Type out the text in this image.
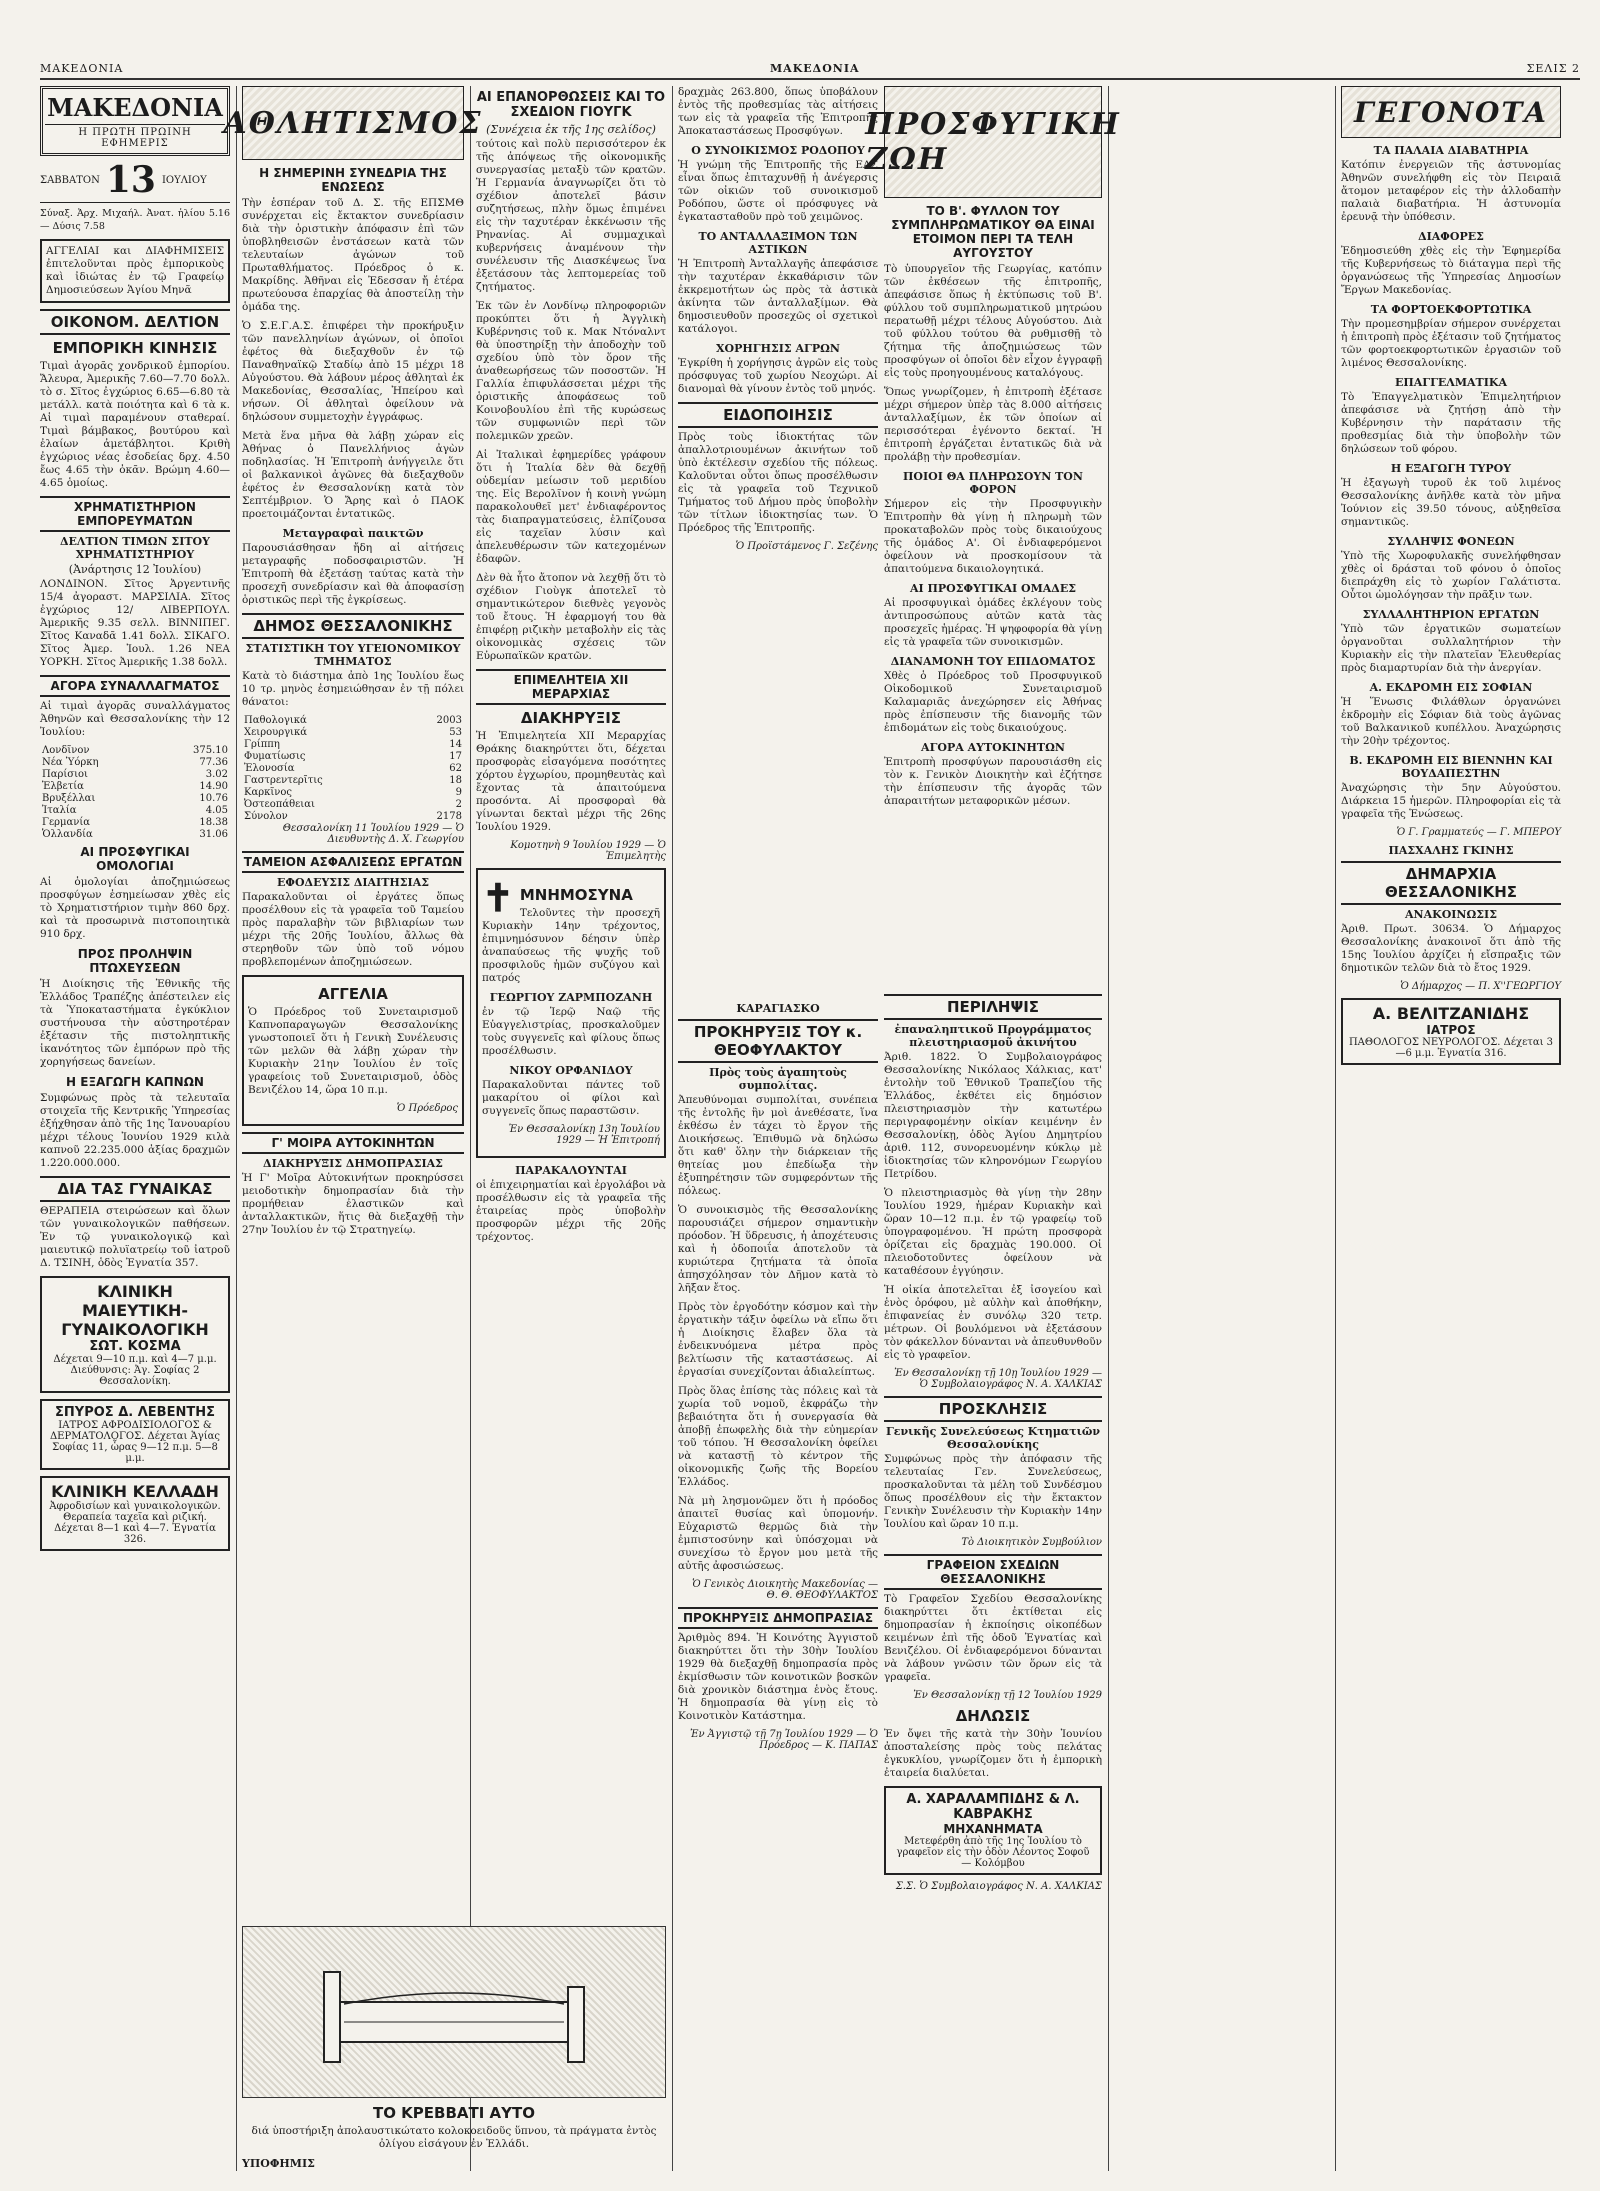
ΜΑΚΕΔΟΝΙΑ	ΜΑΚΕΔΟΝΙΑ	ΣΕΛΙΣ 2
ΜΑΚΕΔΟΝΙΑ
Η ΠΡΩΤΗ ΠΡΩΙΝΗ ΕΦΗΜΕΡΙΣ
ΣΑΒΒΑΤΟΝ 13 ΙΟΥΛΙΟΥ

Σύναξ. Ἀρχ. Μιχαήλ. Ἀνατ. ἡλίου 5.16 — Δύσις 7.58

ΑΓΓΕΛΙΑΙ και ΔΙΑΦΗΜΙΣΕΙΣ ἐπιτελοῦνται πρὸς ἐμπορικοὺς καὶ ἰδιώτας ἐν τῷ Γραφείῳ Δημοσιεύσεων Ἁγίου Μηνᾶ
ΟΙΚΟΝΟΜ. ΔΕΛΤΙΟΝ
ΕΜΠΟΡΙΚΗ ΚΙΝΗΣΙΣ

Τιμαὶ ἀγορᾶς χονδρικοῦ ἐμπορίου. Ἄλευρα, Ἀμερικῆς 7.60—7.70 δολλ. τὸ σ. Σῖτος ἐγχώριος 6.65—6.80 τὰ μετάλλ. κατὰ ποιότητα καὶ 6 τὰ κ. Αἱ τιμαὶ παραμένουν σταθεραί. Τιμαὶ βάμβακος, βουτύρου καὶ ἐλαίων ἀμετάβλητοι. Κριθὴ ἐγχώριος νέας ἐσοδείας δρχ. 4.50 ἔως 4.65 τὴν ὀκᾶν. Βρώμη 4.60—4.65 ὁμοίως.

ΧΡΗΜΑΤΙΣΤΗΡΙΟΝ ΕΜΠΟΡΕΥΜΑΤΩΝ
ΔΕΛΤΙΟΝ ΤΙΜΩΝ ΣΙΤΟΥ ΧΡΗΜΑΤΙΣΤΗΡΙΟΥ
(Ἀνάρτησις 12 Ἰουλίου)

ΛΟΝΔΙΝΟΝ. Σῖτος Ἀργεντινῆς 15/4 ἀγοραστ. ΜΑΡΣΙΛΙΑ. Σῖτος ἐγχώριος 12/ ΛΙΒΕΡΠΟΥΛ. Ἀμερικῆς 9.35 σελλ. ΒΙΝΝΙΠΕΓ. Σῖτος Καναδᾶ 1.41 δολλ. ΣΙΚΑΓΟ. Σῖτος Ἀμερ. Ἰουλ. 1.26 ΝΕΑ ΥΟΡΚΗ. Σῖτος Ἀμερικῆς 1.38 δολλ.

ΑΓΟΡΑ ΣΥΝΑΛΛΑΓΜΑΤΟΣ

Αἱ τιμαὶ ἀγορᾶς συναλλάγματος Ἀθηνῶν καὶ Θεσσαλονίκης τὴν 12 Ἰουλίου:

Λονδῖνον	375.10
Νέα Ὑόρκη	77.36
Παρίσιοι	3.02
Ἑλβετία	14.90
Βρυξέλλαι	10.76
Ἰταλία	4.05
Γερμανία	18.38
Ὁλλανδία	31.06
ΑΙ ΠΡΟΣΦΥΓΙΚΑΙ ΟΜΟΛΟΓΙΑΙ

Αἱ ὁμολογίαι ἀποζημιώσεως προσφύγων ἐσημείωσαν χθὲς εἰς τὸ Χρηματιστήριον τιμὴν 860 δρχ. καὶ τὰ προσωρινὰ πιστοποιητικὰ 910 δρχ.

ΠΡΟΣ ΠΡΟΛΗΨΙΝ ΠΤΩΧΕΥΣΕΩΝ

Ἡ Διοίκησις τῆς Ἐθνικῆς τῆς Ἑλλάδος Τραπέζης ἀπέστειλεν εἰς τὰ Ὑποκαταστήματα ἐγκύκλιον συστήνουσα τὴν αὐστηροτέραν ἐξέτασιν τῆς πιστοληπτικῆς ἱκανότητος τῶν ἐμπόρων πρὸ τῆς χορηγήσεως δανείων.

Η ΕΞΑΓΩΓΗ ΚΑΠΝΩΝ

Συμφώνως πρὸς τὰ τελευταῖα στοιχεῖα τῆς Κεντρικῆς Ὑπηρεσίας ἐξήχθησαν ἀπὸ τῆς 1ης Ἰανουαρίου μέχρι τέλους Ἰουνίου 1929 κιλὰ καπνοῦ 22.235.000 ἀξίας δραχμῶν 1.220.000.000.

ΔΙΑ ΤΑΣ ΓΥΝΑΙΚΑΣ

ΘΕΡΑΠΕΙΑ στειρώσεων καὶ ὅλων τῶν γυναικολογικῶν παθήσεων. Ἐν τῷ γυναικολογικῷ καὶ μαιευτικῷ πολυϊατρείῳ τοῦ ἰατροῦ Δ. ΤΣΙΝΗ, ὁδὸς Ἐγνατία 357.

ΚΛΙΝΙΚΗ ΜΑΙΕΥΤΙΚΗ-ΓΥΝΑΙΚΟΛΟΓΙΚΗ
ΣΩΤ. ΚΟΣΜΑ
Δέχεται 9—10 π.μ. καὶ 4—7 μ.μ. Διεύθυνσις: Ἀγ. Σοφίας 2 Θεσσαλονίκη.
ΣΠΥΡΟΣ Δ. ΛΕΒΕΝΤΗΣ
ΙΑΤΡΟΣ ΑΦΡΟΔΙΣΙΟΛΟΓΟΣ & ΔΕΡΜΑΤΟΛΟΓΟΣ. Δέχεται Ἁγίας Σοφίας 11, ὧρας 9—12 π.μ. 5—8 μ.μ.
ΚΛΙΝΙΚΗ ΚΕΛΛΑΔΗ
Ἀφροδισίων καὶ γυναικολογικῶν. Θεραπεία ταχεῖα καὶ ριζική. Δέχεται 8—1 καὶ 4—7. Ἐγνατία 326.
ΑΘΛΗΤΙΣΜΟΣ
Η ΣΗΜΕΡΙΝΗ ΣΥΝΕΔΡΙΑ ΤΗΣ ΕΝΩΣΕΩΣ

Τὴν ἑσπέραν τοῦ Δ. Σ. τῆς ΕΠΣΜΘ συνέρχεται εἰς ἔκτακτον συνεδρίασιν διὰ τὴν ὁριστικὴν ἀπόφασιν ἐπὶ τῶν ὑποβληθεισῶν ἐνστάσεων κατὰ τῶν τελευταίων ἀγώνων τοῦ Πρωταθλήματος. Πρόεδρος ὁ κ. Μακρίδης. Ἀθῆναι εἰς Ἐδεσσαν ἤ ἑτέρα πρωτεύουσα ἐπαρχίας θὰ ἀποστείλῃ τὴν ὁμάδα της.

Ὁ Σ.Ε.Γ.Α.Σ. ἐπιφέρει τὴν προκήρυξιν τῶν πανελληνίων ἀγώνων, οἱ ὁποῖοι ἐφέτος θὰ διεξαχθοῦν ἐν τῷ Παναθηναϊκῷ Σταδίῳ ἀπὸ 15 μέχρι 18 Αὐγούστου. Θὰ λάβουν μέρος ἀθληταὶ ἐκ Μακεδονίας, Θεσσαλίας, Ἠπείρου καὶ νήσων. Οἱ ἀθληταὶ ὀφείλουν νὰ δηλώσουν συμμετοχὴν ἐγγράφως.

Μετὰ ἕνα μῆνα θὰ λάβῃ χώραν εἰς Ἀθήνας ὁ Πανελλήνιος ἀγὼν ποδηλασίας. Ἡ Ἐπιτροπὴ ἀνήγγειλε ὅτι οἱ βαλκανικοὶ ἀγῶνες θὰ διεξαχθοῦν ἐφέτος ἐν Θεσσαλονίκῃ κατὰ τὸν Σεπτέμβριον. Ὁ Ἄρης καὶ ὁ ΠΑΟΚ προετοιμάζονται ἐντατικῶς.

Μεταγραφαὶ παικτῶν

Παρουσιάσθησαν ἤδη αἱ αἰτήσεις μεταγραφῆς ποδοσφαιριστῶν. Ἡ Ἐπιτροπὴ θὰ ἐξετάσῃ ταύτας κατὰ τὴν προσεχῆ συνεδρίασιν καὶ θὰ ἀποφασίσῃ ὁριστικῶς περὶ τῆς ἐγκρίσεως.

ΔΗΜΟΣ ΘΕΣΣΑΛΟΝΙΚΗΣ
ΣΤΑΤΙΣΤΙΚΗ ΤΟΥ ΥΓΕΙΟΝΟΜΙΚΟΥ ΤΜΗΜΑΤΟΣ

Κατὰ τὸ διάστημα ἀπὸ 1ης Ἰουλίου ἕως 10 τρ. μηνὸς ἐσημειώθησαν ἐν τῇ πόλει θάνατοι:

Παθολογικά	2003
Χειρουργικά	53
Γρίππη	14
Φυματίωσις	17
Ἐλονοσία	62
Γαστρεντερῖτις	18
Καρκῖνος	9
Ὀστεοπάθειαι	2
Σύνολον	2178

Θεσσαλονίκη 11 Ἰουλίου 1929 — Ὁ Διευθυντὴς Δ. Χ. Γεωργίου

ΤΑΜΕΙΟΝ ΑΣΦΑΛΙΣΕΩΣ ΕΡΓΑΤΩΝ
ΕΦΟΔΕΥΣΙΣ ΔΙΑΙΤΗΣΙΑΣ

Παρακαλοῦνται οἱ ἐργάτες ὅπως προσέλθουν εἰς τὰ γραφεῖα τοῦ Ταμείου πρὸς παραλαβὴν τῶν βιβλιαρίων των μέχρι τῆς 20ῆς Ἰουλίου, ἄλλως θὰ στερηθοῦν τῶν ὑπὸ τοῦ νόμου προβλεπομένων ἀποζημιώσεων.

ΑΓΓΕΛΙΑ

Ὁ Πρόεδρος τοῦ Συνεταιρισμοῦ Καπνοπαραγωγῶν Θεσσαλονίκης γνωστοποιεῖ ὅτι ἡ Γενικὴ Συνέλευσις τῶν μελῶν θὰ λάβῃ χώραν τὴν Κυριακὴν 21ην Ἰουλίου ἐν τοῖς γραφείοις τοῦ Συνεταιρισμοῦ, ὁδὸς Βενιζέλου 14, ὥρα 10 π.μ.

Ὁ Πρόεδρος

Γ' ΜΟΙΡΑ ΑΥΤΟΚΙΝΗΤΩΝ
ΔΙΑΚΗΡΥΞΙΣ ΔΗΜΟΠΡΑΣΙΑΣ

Ἡ Γ' Μοῖρα Αὐτοκινήτων προκηρύσσει μειοδοτικὴν δημοπρασίαν διὰ τὴν προμήθειαν ἐλαστικῶν καὶ ἀνταλλακτικῶν, ἥτις θὰ διεξαχθῇ τὴν 27ην Ἰουλίου ἐν τῷ Στρατηγείῳ.

ΑΙ ΕΠΑΝΟΡΘΩΣΕΙΣ ΚΑΙ ΤΟ ΣΧΕΔΙΟΝ ΓΙΟΥΓΚ
(Συνέχεια ἐκ τῆς 1ης σελίδος)

τούτοις καὶ πολὺ περισσότερον ἐκ τῆς ἀπόψεως τῆς οἰκονομικῆς συνεργασίας μεταξὺ τῶν κρατῶν. Ἡ Γερμανία ἀναγνωρίζει ὅτι τὸ σχέδιον ἀποτελεῖ βάσιν συζητήσεως, πλὴν ὅμως ἐπιμένει εἰς τὴν ταχυτέραν ἐκκένωσιν τῆς Ρηνανίας. Αἱ συμμαχικαὶ κυβερνήσεις ἀναμένουν τὴν συνέλευσιν τῆς Διασκέψεως ἵνα ἐξετάσουν τὰς λεπτομερείας τοῦ ζητήματος.

Ἐκ τῶν ἐν Λονδίνῳ πληροφοριῶν προκύπτει ὅτι ἡ Ἀγγλικὴ Κυβέρνησις τοῦ κ. Μακ Ντόναλντ θὰ ὑποστηρίξῃ τὴν ἀποδοχὴν τοῦ σχεδίου ὑπὸ τὸν ὅρον τῆς ἀναθεωρήσεως τῶν ποσοστῶν. Ἡ Γαλλία ἐπιφυλάσσεται μέχρι τῆς ὁριστικῆς ἀποφάσεως τοῦ Κοινοβουλίου ἐπὶ τῆς κυρώσεως τῶν συμφωνιῶν περὶ τῶν πολεμικῶν χρεῶν.

Αἱ Ἰταλικαὶ ἐφημερίδες γράφουν ὅτι ἡ Ἰταλία δὲν θὰ δεχθῇ οὐδεμίαν μείωσιν τοῦ μεριδίου της. Εἰς Βερολῖνον ἡ κοινὴ γνώμη παρακολουθεῖ μετ' ἐνδιαφέροντος τὰς διαπραγματεύσεις, ἐλπίζουσα εἰς ταχεῖαν λύσιν καὶ ἀπελευθέρωσιν τῶν κατεχομένων ἐδαφῶν.

Δὲν θὰ ἦτο ἄτοπον νὰ λεχθῇ ὅτι τὸ σχέδιον Γιοὺγκ ἀποτελεῖ τὸ σημαντικώτερον διεθνὲς γεγονὸς τοῦ ἔτους. Ἡ ἐφαρμογή του θὰ ἐπιφέρῃ ριζικὴν μεταβολὴν εἰς τὰς οἰκονομικὰς σχέσεις τῶν Εὐρωπαϊκῶν κρατῶν.

ΕΠΙΜΕΛΗΤΕΙΑ ΧΙΙ ΜΕΡΑΡΧΙΑΣ
ΔΙΑΚΗΡΥΞΙΣ

Ἡ Ἐπιμελητεία ΧΙΙ Μεραρχίας Θράκης διακηρύττει ὅτι, δέχεται προσφορὰς εἰσαγόμενα ποσότητες χόρτου ἐγχωρίου, προμηθευτὰς καὶ ἔχοντας τὰ ἀπαιτούμενα προσόντα. Αἱ προσφοραὶ θὰ γίνωνται δεκταὶ μέχρι τῆς 26ης Ἰουλίου 1929.

Κομοτηνὴ 9 Ἰουλίου 1929 — Ὁ Ἐπιμελητὴς

✝ ΜΝΗΜΟΣΥΝΑ

Τελοῦντες τὴν προσεχῆ Κυριακὴν 14ην τρέχοντος, ἐπιμνημόσυνον δέησιν ὑπὲρ ἀναπαύσεως τῆς ψυχῆς τοῦ προσφιλοῦς ἡμῶν συζύγου καὶ πατρός

ΓΕΩΡΓΙΟΥ ΖΑΡΜΠΟΖΑΝΗ

ἐν τῷ Ἱερῷ Ναῷ τῆς Εὐαγγελιστρίας, προσκαλοῦμεν τοὺς συγγενεῖς καὶ φίλους ὅπως προσέλθωσιν.

ΝΙΚΟΥ ΟΡΦΑΝΙΔΟΥ

Παρακαλοῦνται πάντες τοῦ μακαρίτου οἱ φίλοι καὶ συγγενεῖς ὅπως παραστῶσιν.

Ἐν Θεσσαλονίκῃ 13η Ἰουλίου 1929 — Ἡ Ἐπιτροπή

ΠΑΡΑΚΑΛΟΥΝΤΑΙ

οἱ ἐπιχειρηματίαι καὶ ἐργολάβοι νὰ προσέλθωσιν εἰς τὰ γραφεῖα τῆς ἐταιρείας πρὸς ὑποβολὴν προσφορῶν μέχρι τῆς 20ῆς τρέχοντος.

ΤΟ ΚΡΕΒΒΑΤΙ ΑΥΤΟ

διά ὑποστήριξη ἀπολαυστικώτατο κολοκοειδοῦς ὕπνου, τὰ πράγματα ἐντὸς ὀλίγου εἰσάγουν ἐν Ἑλλάδι.

ΥΠΟΦΗΜΙΣ
ΚΑΡΑΓΙΑΣΚΟ
ΠΡΟΚΗΡΥΞΙΣ ΤΟΥ κ. ΘΕΟΦΥΛΑΚΤΟΥ
Πρὸς τοὺς ἀγαπητοὺς συμπολίτας.

Ἀπευθύνομαι συμπολίται, συνέπεια τῆς ἐντολῆς ἣν μοὶ ἀνεθέσατε, ἵνα ἐκθέσω ἐν τάχει τὸ ἔργον τῆς Διοικήσεως. Ἐπιθυμῶ νὰ δηλώσω ὅτι καθ' ὅλην τὴν διάρκειαν τῆς θητείας μου ἐπεδίωξα τὴν ἐξυπηρέτησιν τῶν συμφερόντων τῆς πόλεως.

Ὁ συνοικισμὸς τῆς Θεσσαλονίκης παρουσιάζει σήμερον σημαντικὴν πρόοδον. Ἡ ὕδρευσις, ἡ ἀποχέτευσις καὶ ἡ ὁδοποιΐα ἀποτελοῦν τὰ κυριώτερα ζητήματα τὰ ὁποῖα ἀπησχόλησαν τὸν Δῆμον κατὰ τὸ λῆξαν ἔτος.

Πρὸς τὸν ἐργοδότην κόσμον καὶ τὴν ἐργατικὴν τάξιν ὀφείλω νὰ εἴπω ὅτι ἡ Διοίκησις ἔλαβεν ὅλα τὰ ἐνδεικνυόμενα μέτρα πρὸς βελτίωσιν τῆς καταστάσεως. Αἱ ἐργασίαι συνεχίζονται ἀδιαλείπτως.

Πρὸς ὅλας ἐπίσης τὰς πόλεις καὶ τὰ χωρία τοῦ νομοῦ, ἐκφράζω τὴν βεβαιότητα ὅτι ἡ συνεργασία θὰ ἀποβῇ ἐπωφελὴς διὰ τὴν εὐημερίαν τοῦ τόπου. Ἡ Θεσσαλονίκη ὀφείλει νὰ καταστῇ τὸ κέντρον τῆς οἰκονομικῆς ζωῆς τῆς Βορείου Ἑλλάδος.

Νὰ μὴ λησμονῶμεν ὅτι ἡ πρόοδος ἀπαιτεῖ θυσίας καὶ ὑπομονήν. Εὐχαριστῶ θερμῶς διὰ τὴν ἐμπιστοσύνην καὶ ὑπόσχομαι νὰ συνεχίσω τὸ ἔργον μου μετὰ τῆς αὐτῆς ἀφοσιώσεως.

Ὁ Γενικὸς Διοικητὴς Μακεδονίας — Θ. Θ. ΘΕΟΦΥΛΑΚΤΟΣ

ΠΡΟΚΗΡΥΞΙΣ ΔΗΜΟΠΡΑΣΙΑΣ

Ἀριθμὸς 894. Ἡ Κοινότης Ἀγγιστοῦ διακηρύττει ὅτι τὴν 30ὴν Ἰουλίου 1929 θὰ διεξαχθῇ δημοπρασία πρὸς ἐκμίσθωσιν τῶν κοινοτικῶν βοσκῶν διὰ χρονικὸν διάστημα ἑνὸς ἔτους. Ἡ δημοπρασία θὰ γίνῃ εἰς τὸ Κοινοτικὸν Κατάστημα.

Ἐν Ἀγγιστῷ τῇ 7ῃ Ἰουλίου 1929 — Ὁ Πρόεδρος — Κ. ΠΑΠΑΣ

ΠΡΟΣΦΥΓΙΚΗ ΖΩΗ
ΤΟ Β'. ΦΥΛΛΟΝ ΤΟΥ ΣΥΜΠΛΗΡΩΜΑΤΙΚΟΥ ΘΑ ΕΙΝΑΙ ΕΤΟΙΜΟΝ ΠΕΡΙ ΤΑ ΤΕΛΗ ΑΥΓΟΥΣΤΟΥ

Τὸ ὑπουργεῖον τῆς Γεωργίας, κατόπιν τῶν ἐκθέσεων τῆς ἐπιτροπῆς, ἀπεφάσισε ὅπως ἡ ἐκτύπωσις τοῦ Β'. φύλλου τοῦ συμπληρωματικοῦ μητρώου περατωθῇ μέχρι τέλους Αὐγούστου. Διὰ τοῦ φύλλου τούτου θὰ ρυθμισθῇ τὸ ζήτημα τῆς ἀποζημιώσεως τῶν προσφύγων οἱ ὁποῖοι δὲν εἶχον ἐγγραφῇ εἰς τοὺς προηγουμένους καταλόγους.

Ὅπως γνωρίζομεν, ἡ ἐπιτροπὴ ἐξέτασε μέχρι σήμερον ὑπὲρ τὰς 8.000 αἰτήσεις ἀνταλλαξίμων, ἐκ τῶν ὁποίων αἱ περισσότεραι ἐγένοντο δεκταί. Ἡ ἐπιτροπὴ ἐργάζεται ἐντατικῶς διὰ νὰ προλάβῃ τὴν προθεσμίαν.

ΠΟΙΟΙ ΘΑ ΠΛΗΡΩΣΟΥΝ ΤΟΝ ΦΟΡΟΝ

Σήμερον εἰς τὴν Προσφυγικὴν Ἐπιτροπὴν θὰ γίνῃ ἡ πληρωμὴ τῶν προκαταβολῶν πρὸς τοὺς δικαιούχους τῆς ὁμάδος Α'. Οἱ ἐνδιαφερόμενοι ὀφείλουν νὰ προσκομίσουν τὰ ἀπαιτούμενα δικαιολογητικά.

ΑΙ ΠΡΟΣΦΥΓΙΚΑΙ ΟΜΑΔΕΣ

Αἱ προσφυγικαὶ ὁμάδες ἐκλέγουν τοὺς ἀντιπροσώπους αὐτῶν κατὰ τὰς προσεχεῖς ἡμέρας. Ἡ ψηφοφορία θὰ γίνῃ εἰς τὰ γραφεῖα τῶν συνοικισμῶν.

ΔΙΑΝΑΜΟΝΗ ΤΟΥ ΕΠΙΔΟΜΑΤΟΣ

Χθὲς ὁ Πρόεδρος τοῦ Προσφυγικοῦ Οἰκοδομικοῦ Συνεταιρισμοῦ Καλαμαριᾶς ἀνεχώρησεν εἰς Ἀθήνας πρὸς ἐπίσπευσιν τῆς διανομῆς τῶν ἐπιδομάτων εἰς τοὺς δικαιούχους.

ΑΓΟΡΑ ΑΥΤΟΚΙΝΗΤΩΝ

Ἐπιτροπὴ προσφύγων παρουσιάσθη εἰς τὸν κ. Γενικὸν Διοικητὴν καὶ ἐζήτησε τὴν ἐπίσπευσιν τῆς ἀγορᾶς τῶν ἀπαραιτήτων μεταφορικῶν μέσων.

δραχμὰς 263.800, ὅπως ὑποβάλουν ἐντὸς τῆς προθεσμίας τὰς αἰτήσεις των εἰς τὰ γραφεῖα τῆς Ἐπιτροπῆς Ἀποκαταστάσεως Προσφύγων.

Ο ΣΥΝΟΙΚΙΣΜΟΣ ΡΟΔΟΠΟΥ

Ἡ γνώμη τῆς Ἐπιτροπῆς τῆς ΕΑΣ εἶναι ὅπως ἐπιταχυνθῇ ἡ ἀνέγερσις τῶν οἰκιῶν τοῦ συνοικισμοῦ Ροδόπου, ὥστε οἱ πρόσφυγες νὰ ἐγκατασταθοῦν πρὸ τοῦ χειμῶνος.

ΤΟ ΑΝΤΑΛΛΑΞΙΜΟΝ ΤΩΝ ΑΣΤΙΚΩΝ

Ἡ Ἐπιτροπὴ Ἀνταλλαγῆς ἀπεφάσισε τὴν ταχυτέραν ἐκκαθάρισιν τῶν ἐκκρεμοτήτων ὡς πρὸς τὰ ἀστικὰ ἀκίνητα τῶν ἀνταλλαξίμων. Θὰ δημοσιευθοῦν προσεχῶς οἱ σχετικοὶ κατάλογοι.

ΧΟΡΗΓΗΣΙΣ ΑΓΡΩΝ

Ἐγκρίθη ἡ χορήγησις ἀγρῶν εἰς τοὺς πρόσφυγας τοῦ χωρίου Νεοχώρι. Αἱ διανομαὶ θὰ γίνουν ἐντὸς τοῦ μηνός.

ΕΙΔΟΠΟΙΗΣΙΣ

Πρὸς τοὺς ἰδιοκτήτας τῶν ἀπαλλοτριουμένων ἀκινήτων τοῦ ὑπὸ ἐκτέλεσιν σχεδίου τῆς πόλεως. Καλοῦνται οὗτοι ὅπως προσέλθωσιν εἰς τὰ γραφεῖα τοῦ Τεχνικοῦ Τμήματος τοῦ Δήμου πρὸς ὑποβολὴν τῶν τίτλων ἰδιοκτησίας των. Ὁ Πρόεδρος τῆς Ἐπιτροπῆς.

Ὁ Προϊστάμενος Γ. Σεζένης

ΠΕΡΙΛΗΨΙΣ
ἐπαναληπτικοῦ Προγράμματος πλειστηριασμοῦ ἀκινήτου

Ἀριθ. 1822. Ὁ Συμβολαιογράφος Θεσσαλονίκης Νικόλαος Χάλκιας, κατ' ἐντολὴν τοῦ Ἐθνικοῦ Τραπεζίου τῆς Ἑλλάδος, ἐκθέτει εἰς δημόσιον πλειστηριασμὸν τὴν κατωτέρω περιγραφομένην οἰκίαν κειμένην ἐν Θεσσαλονίκῃ, ὁδὸς Ἀγίου Δημητρίου ἀριθ. 112, συνορευομένην κύκλῳ μὲ ἰδιοκτησίας τῶν κληρονόμων Γεωργίου Πετρίδου.

Ὁ πλειστηριασμὸς θὰ γίνῃ τὴν 28ην Ἰουλίου 1929, ἡμέραν Κυριακὴν καὶ ὥραν 10—12 π.μ. ἐν τῷ γραφείῳ τοῦ ὑπογραφομένου. Ἡ πρώτη προσφορὰ ὁρίζεται εἰς δραχμὰς 190.000. Οἱ πλειοδοτοῦντες ὀφείλουν νὰ καταθέσουν ἐγγύησιν.

Ἡ οἰκία ἀποτελεῖται ἐξ ἰσογείου καὶ ἑνὸς ὀρόφου, μὲ αὐλὴν καὶ ἀποθήκην, ἐπιφανείας ἐν συνόλῳ 320 τετρ. μέτρων. Οἱ βουλόμενοι νὰ ἐξετάσουν τὸν φάκελλον δύνανται νὰ ἀπευθυνθοῦν εἰς τὸ γραφεῖον.

Ἐν Θεσσαλονίκῃ τῇ 10ῃ Ἰουλίου 1929 — Ὁ Συμβολαιογράφος Ν. Α. ΧΑΛΚΙΑΣ

ΠΡΟΣΚΛΗΣΙΣ
Γενικῆς Συνελεύσεως Κτηματιῶν Θεσσαλονίκης

Συμφώνως πρὸς τὴν ἀπόφασιν τῆς τελευταίας Γεν. Συνελεύσεως, προσκαλοῦνται τὰ μέλη τοῦ Συνδέσμου ὅπως προσέλθουν εἰς τὴν ἔκτακτον Γενικὴν Συνέλευσιν τὴν Κυριακὴν 14ην Ἰουλίου καὶ ὥραν 10 π.μ.

Τὸ Διοικητικὸν Συμβούλιον

ΓΡΑΦΕΙΟΝ ΣΧΕΔΙΩΝ ΘΕΣΣΑΛΟΝΙΚΗΣ

Τὸ Γραφεῖον Σχεδίου Θεσσαλονίκης διακηρύττει ὅτι ἐκτίθεται εἰς δημοπρασίαν ἡ ἐκποίησις οἰκοπέδων κειμένων ἐπὶ τῆς ὁδοῦ Ἐγνατίας καὶ Βενιζέλου. Οἱ ἐνδιαφερόμενοι δύνανται νὰ λάβουν γνῶσιν τῶν ὅρων εἰς τὰ γραφεῖα.

Ἐν Θεσσαλονίκῃ τῇ 12 Ἰουλίου 1929

ΔΗΛΩΣΙΣ

Ἐν ὄψει τῆς κατὰ τὴν 30ὴν Ἰουνίου ἀποσταλείσης πρὸς τοὺς πελάτας ἐγκυκλίου, γνωρίζομεν ὅτι ἡ ἐμπορικὴ ἐταιρεία διαλύεται.

Α. ΧΑΡΑΛΑΜΠΙΔΗΣ & Λ. ΚΑΒΡΑΚΗΣ
ΜΗΧΑΝΗΜΑΤΑ
Μετεφέρθη ἀπὸ τῆς 1ης Ἰουλίου τὸ γραφεῖον εἰς τὴν ὁδὸν Λέοντος Σοφοῦ — Κολόμβου

Σ.Σ. Ὁ Συμβολαιογράφος Ν. Α. ΧΑΛΚΙΑΣ

ΓΕΓΟΝΟΤΑ
ΤΑ ΠΑΛΑΙΑ ΔΙΑΒΑΤΗΡΙΑ

Κατόπιν ἐνεργειῶν τῆς ἀστυνομίας Ἀθηνῶν συνελήφθη εἰς τὸν Πειραιᾶ ἄτομον μεταφέρον εἰς τὴν ἀλλοδαπὴν παλαιὰ διαβατήρια. Ἡ ἀστυνομία ἐρευνᾷ τὴν ὑπόθεσιν.

ΔΙΑΦΟΡΕΣ

Ἐδημοσιεύθη χθὲς εἰς τὴν Ἐφημερίδα τῆς Κυβερνήσεως τὸ διάταγμα περὶ τῆς ὀργανώσεως τῆς Ὑπηρεσίας Δημοσίων Ἔργων Μακεδονίας.

ΤΑ ΦΟΡΤΟΕΚΦΟΡΤΩΤΙΚΑ

Τὴν προμεσημβρίαν σήμερον συνέρχεται ἡ ἐπιτροπὴ πρὸς ἐξέτασιν τοῦ ζητήματος τῶν φορτοεκφορτωτικῶν ἐργασιῶν τοῦ λιμένος Θεσσαλονίκης.

ΕΠΑΓΓΕΛΜΑΤΙΚΑ

Τὸ Ἐπαγγελματικὸν Ἐπιμελητήριον ἀπεφάσισε νὰ ζητήσῃ ἀπὸ τὴν Κυβέρνησιν τὴν παράτασιν τῆς προθεσμίας διὰ τὴν ὑποβολὴν τῶν δηλώσεων τοῦ φόρου.

Η ΕΞΑΓΩΓΗ ΤΥΡΟΥ

Ἡ ἐξαγωγὴ τυροῦ ἐκ τοῦ λιμένος Θεσσαλονίκης ἀνῆλθε κατὰ τὸν μῆνα Ἰούνιον εἰς 39.50 τόνους, αὐξηθεῖσα σημαντικῶς.

ΣΥΛΛΗΨΙΣ ΦΟΝΕΩΝ

Ὑπὸ τῆς Χωροφυλακῆς συνελήφθησαν χθὲς οἱ δράσται τοῦ φόνου ὁ ὁποῖος διεπράχθη εἰς τὸ χωρίον Γαλάτιστα. Οὗτοι ὡμολόγησαν τὴν πρᾶξιν των.

ΣΥΛΛΑΛΗΤΗΡΙΟΝ ΕΡΓΑΤΩΝ

Ὑπὸ τῶν ἐργατικῶν σωματείων ὀργανοῦται συλλαλητήριον τὴν Κυριακὴν εἰς τὴν πλατεῖαν Ἐλευθερίας πρὸς διαμαρτυρίαν διὰ τὴν ἀνεργίαν.

Α. ΕΚΔΡΟΜΗ ΕΙΣ ΣΟΦΙΑΝ

Ἡ Ἕνωσις Φιλάθλων ὀργανώνει ἐκδρομὴν εἰς Σόφιαν διὰ τοὺς ἀγῶνας τοῦ Βαλκανικοῦ κυπέλλου. Ἀναχώρησις τὴν 20ὴν τρέχοντος.

Β. ΕΚΔΡΟΜΗ ΕΙΣ ΒΙΕΝΝΗΝ ΚΑΙ ΒΟΥΔΑΠΕΣΤΗΝ

Ἀναχώρησις τὴν 5ην Αὐγούστου. Διάρκεια 15 ἡμερῶν. Πληροφορίαι εἰς τὰ γραφεῖα τῆς Ἑνώσεως.

Ὁ Γ. Γραμματεύς — Γ. ΜΠΕΡΟΥ

ΠΑΣΧΑΛΗΣ ΓΚΙΝΗΣ
ΔΗΜΑΡΧΙΑ ΘΕΣΣΑΛΟΝΙΚΗΣ
ΑΝΑΚΟΙΝΩΣΙΣ

Ἀριθ. Πρωτ. 30634. Ὁ Δήμαρχος Θεσσαλονίκης ἀνακοινοῖ ὅτι ἀπὸ τῆς 15ης Ἰουλίου ἀρχίζει ἡ εἴσπραξις τῶν δημοτικῶν τελῶν διὰ τὸ ἔτος 1929.

Ὁ Δήμαρχος — Π. Χ''ΓΕΩΡΓΙΟΥ

Α. ΒΕΛΙΤΖΑΝΙΔΗΣ
ΙΑΤΡΟΣ
ΠΑΘΟΛΟΓΟΣ ΝΕΥΡΟΛΟΓΟΣ. Δέχεται 3—6 μ.μ. Ἐγνατία 316.
